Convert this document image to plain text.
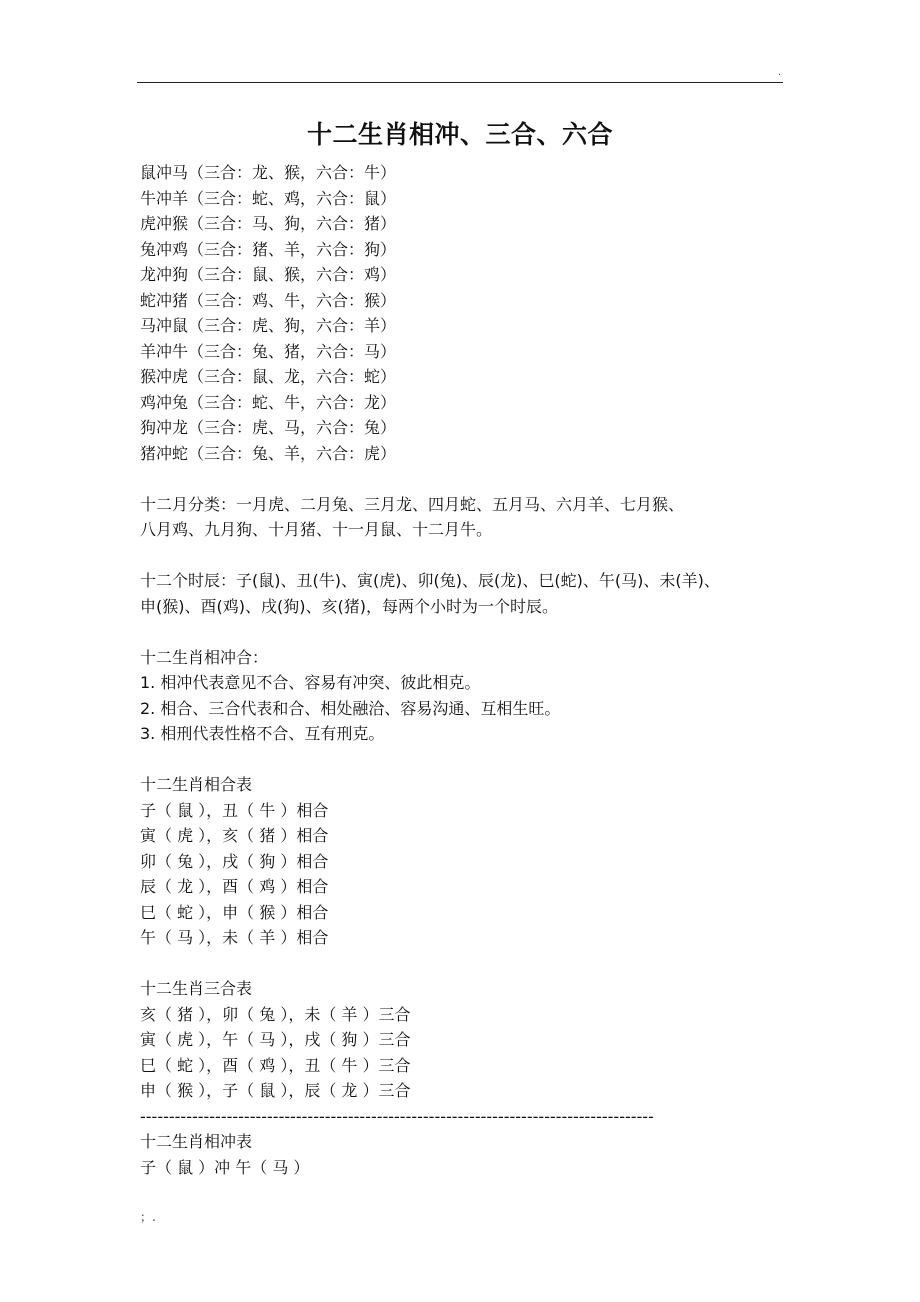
.
十二生肖相冲、三合、六合
鼠冲马（三合：龙、猴，六合：牛）
牛冲羊（三合：蛇、鸡，六合：鼠）
虎冲猴（三合：马、狗，六合：猪）
兔冲鸡（三合：猪、羊，六合：狗）
龙冲狗（三合：鼠、猴，六合：鸡）
蛇冲猪（三合：鸡、牛，六合：猴）
马冲鼠（三合：虎、狗，六合：羊）
羊冲牛（三合：兔、猪，六合：马）
猴冲虎（三合：鼠、龙，六合：蛇）
鸡冲兔（三合：蛇、牛，六合：龙）
狗冲龙（三合：虎、马，六合：兔）
猪冲蛇（三合：兔、羊，六合：虎）
十二月分类：一月虎、二月兔、三月龙、四月蛇、五月马、六月羊、七月猴、
八月鸡、九月狗、十月猪、十一月鼠、十二月牛。
十二个时辰：子(鼠)、丑(牛)、寅(虎)、卯(兔)、辰(龙)、巳(蛇)、午(马)、未(羊)、
申(猴)、酉(鸡)、戌(狗)、亥(猪)，每两个小时为一个时辰。
十二生肖相冲合：
1. 相冲代表意见不合、容易有冲突、彼此相克。
2. 相合、三合代表和合、相处融洽、容易沟通、互相生旺。
3. 相刑代表性格不合、互有刑克。
十二生肖相合表
子（ 鼠 ），丑（ 牛 ）相合
寅（ 虎 ），亥（ 猪 ）相合
卯（ 兔 ），戌（ 狗 ）相合
辰（ 龙 ），酉（ 鸡 ）相合
巳（ 蛇 ），申（ 猴 ）相合
午（ 马 ），未（ 羊 ）相合
十二生肖三合表
亥（ 猪 ），卯（ 兔 ），未（ 羊 ）三合
寅（ 虎 ），午（ 马 ），戌（ 狗 ）三合
巳（ 蛇 ），酉（ 鸡 ），丑（ 牛 ）三合
申（ 猴 ），子（ 鼠 ），辰（ 龙 ）三合
-----------------------------------------------------------------------------------------
十二生肖相冲表
子（ 鼠 ）冲 午（ 马 ）
；.
